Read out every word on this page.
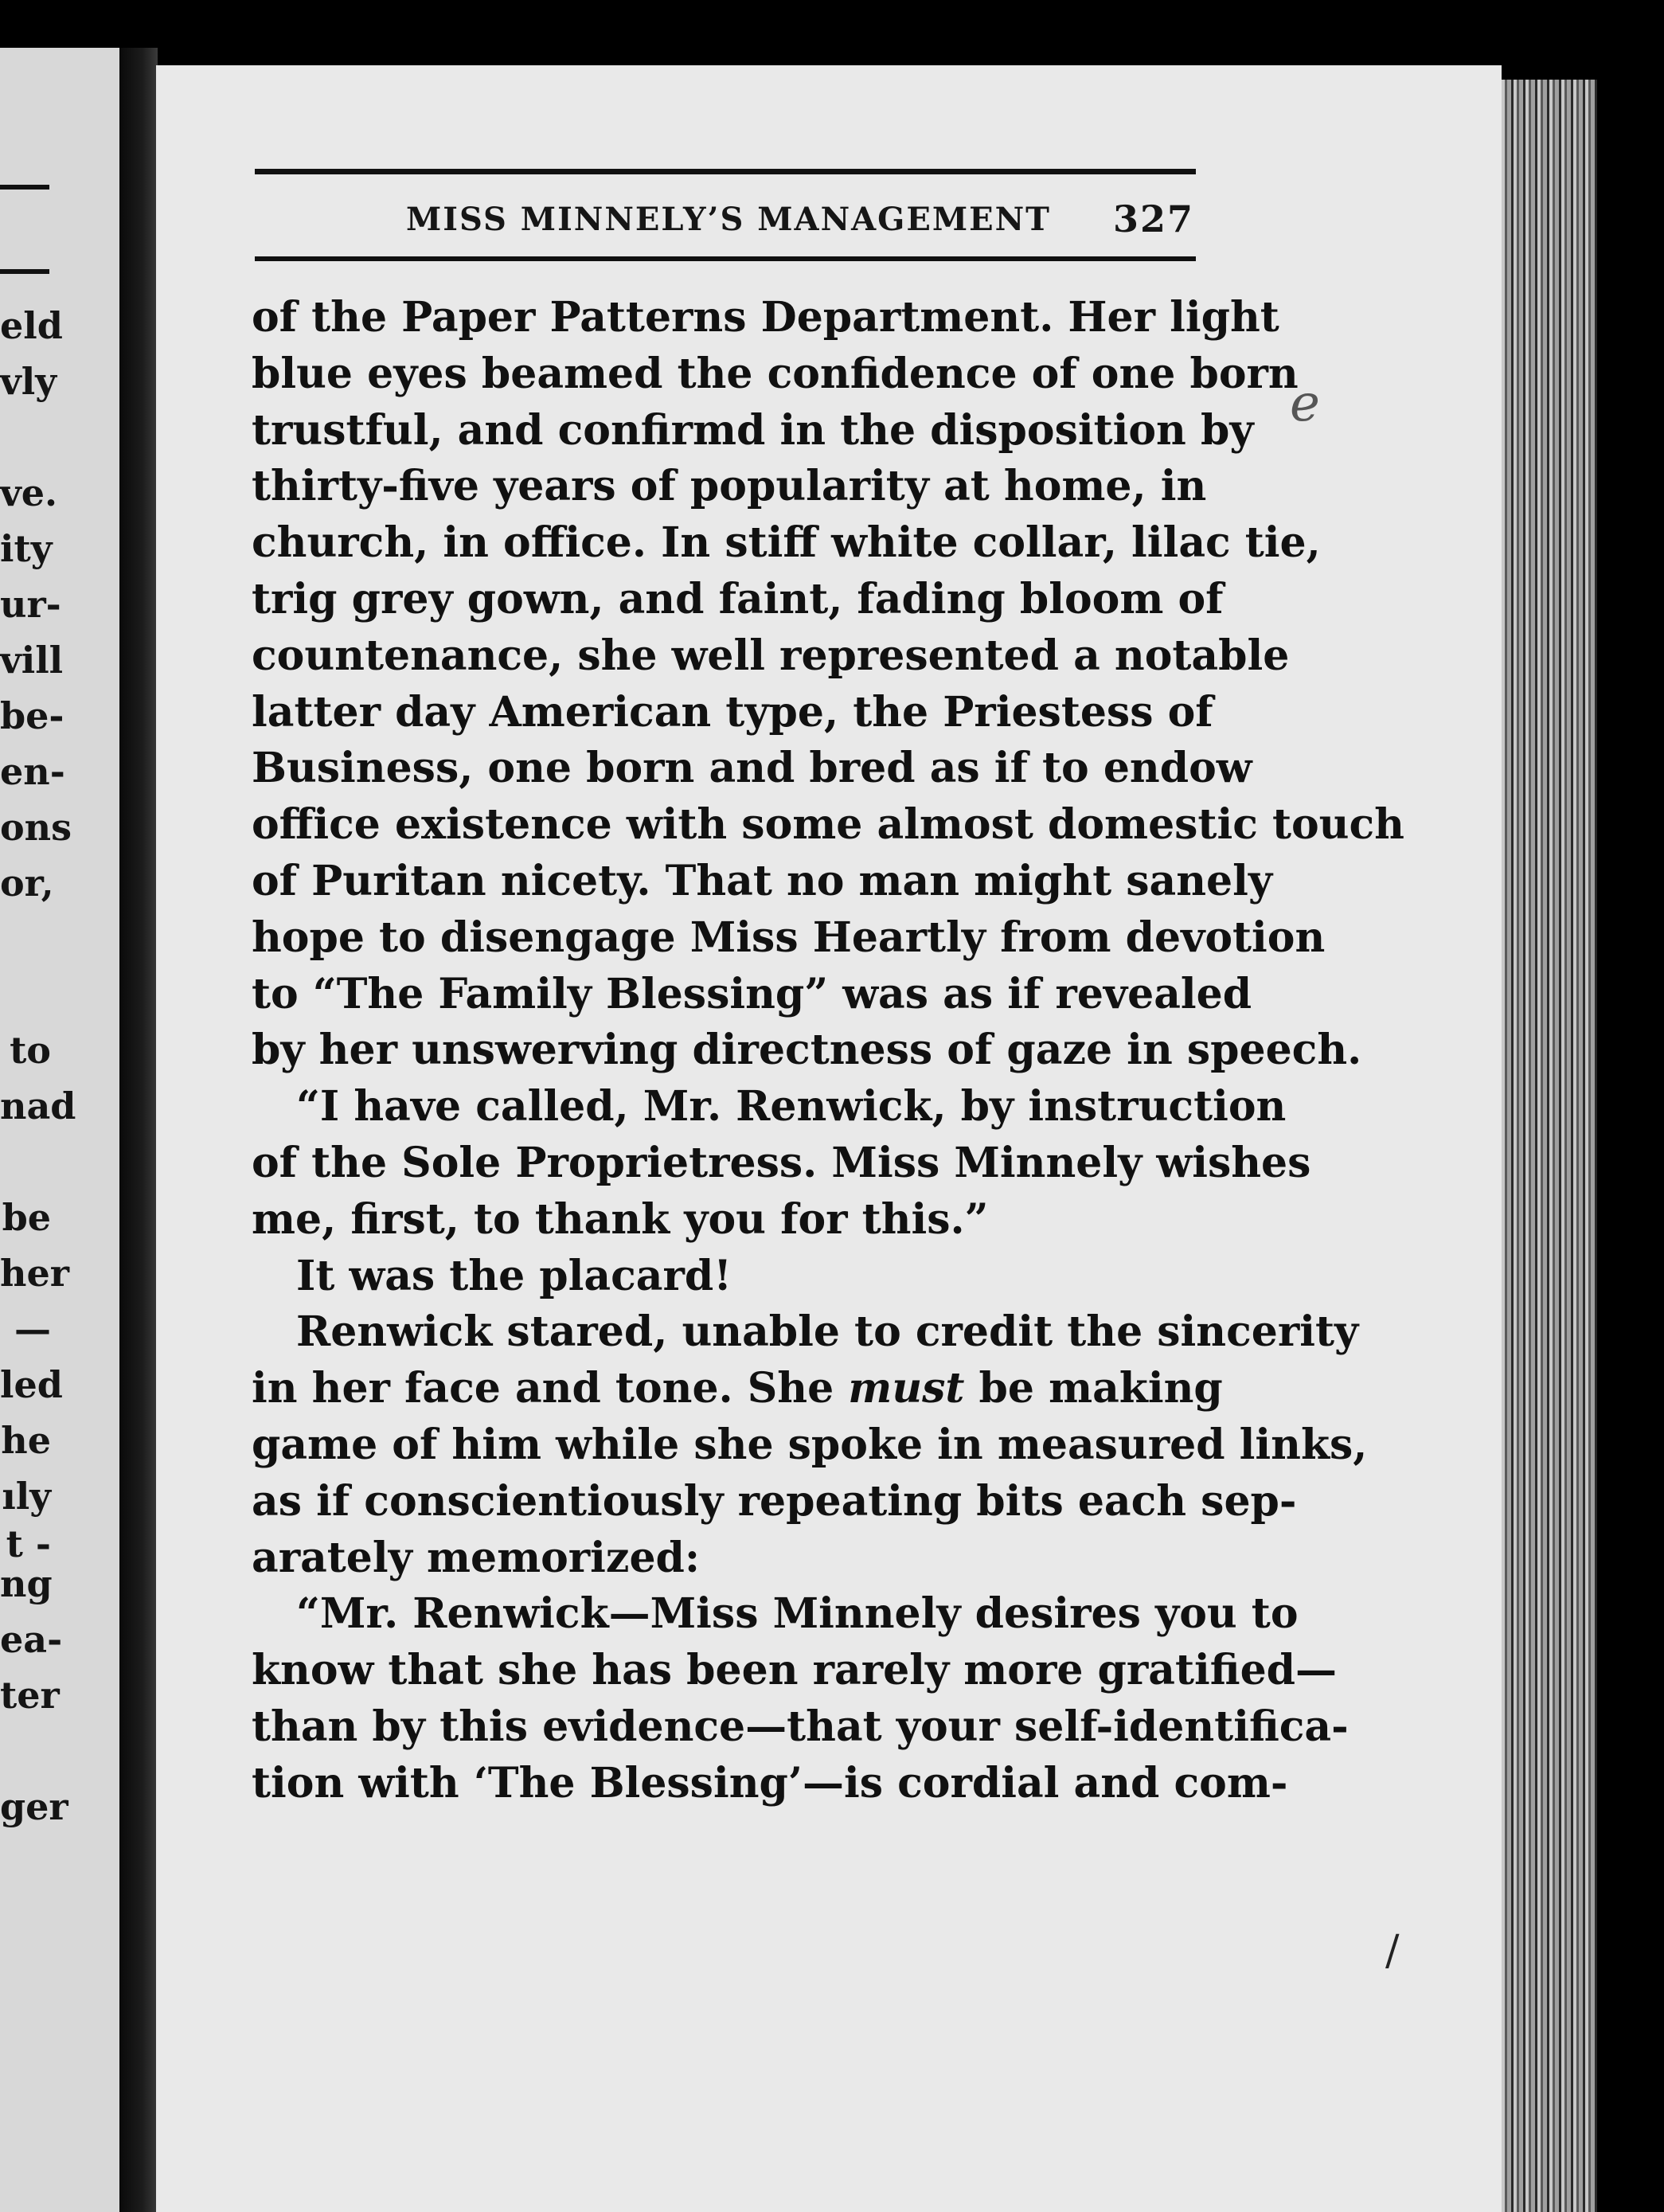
eld
vly
ve.
ity
ur-
vill
be-
en-
ons
or,
to
nad
be
her
—
led
he
ıly
t -
ng
ea-
ter
ger
MISS MINNELY’S MANAGEMENT 327
of the Paper Patterns Department. Her light
blue eyes beamed the confidence of one born
trustful, and confirmd in the disposition by
thirty-five years of popularity at home, in
church, in office. In stiff white collar, lilac tie,
trig grey gown, and faint, fading bloom of
countenance, she well represented a notable
latter day American type, the Priestess of
Business, one born and bred as if to endow
office existence with some almost domestic touch
of Puritan nicety. That no man might sanely
hope to disengage Miss Heartly from devotion
to “The Family Blessing” was as if revealed
by her unswerving directness of gaze in speech.
“I have called, Mr. Renwick, by instruction
of the Sole Proprietress. Miss Minnely wishes
me, first, to thank you for this.”
It was the placard!
Renwick stared, unable to credit the sincerity
in her face and tone. She must be making
game of him while she spoke in measured links,
as if conscientiously repeating bits each sep-
arately memorized:
“Mr. Renwick—Miss Minnely desires you to
know that she has been rarely more gratified—
than by this evidence—that your self-identifica-
tion with ‘The Blessing’—is cordial and com-
e
/
